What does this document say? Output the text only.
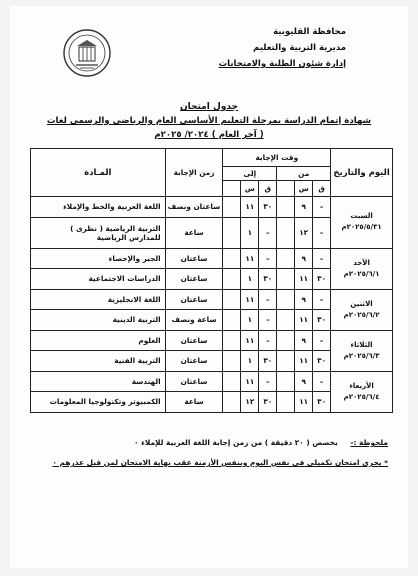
محافظة القليوبية
مديرية التربية والتعليم
إدارة شئون الطلبة والامتحانات
جدول امتحان
شهادة إتمام الدراسة بمرحلة التعليم الأساسى العام والرياضى والرسمى لغات
( آخر العام ) ٢٠٢٤/ ٢٠٢٥م
اليوم والتاريخ	وقت الإجابة						زمن الإجابة	المـادة
	من			إلى				
	ق	س		ق	س			

السبت
٢٠٢٥/٥/٣١م	–	٩		٣٠	١١		ساعتان ونصف	اللغة العربية والخط والإملاء
	–	١٢		–	١		ساعة	التربية الرياضية ( نظرى )
للمدارس الرياضية

الأحد
٢٠٢٥/٦/١م	–	٩		–	١١		ساعتان	الجبر والإحصاء
	٣٠	١١		٣٠	١		ساعتان	الدراسات الاجتماعية

الاثنين
٢٠٢٥/٦/٢م	–	٩		–	١١		ساعتان	اللغة الانجليزية
	٣٠	١١		–	١		ساعة ونصف	التربية الدينية

الثلاثاء
٢٠٢٥/٦/٣م	–	٩		–	١١		ساعتان	العلوم
	٣٠	١١		٣٠	١		ساعتان	التربية الفنية

الأربعاء
٢٠٢٥/٦/٤م	–	٩		–	١١		ساعتان	الهندسة
	٣٠	١١		٣٠	١٢		ساعة	الكمبيوتر وتكنولوجيا المعلومات
ملحوظة :- يخصص ( ٢٠ دقيقة ) من زمن إجابة اللغة العربية للإملاء ٠
* يجرى امتحان تكميلى فى نفس اليوم وبنفس الأزمنة عقب نهاية الامتحان لمن قبل عذرهم ٠
